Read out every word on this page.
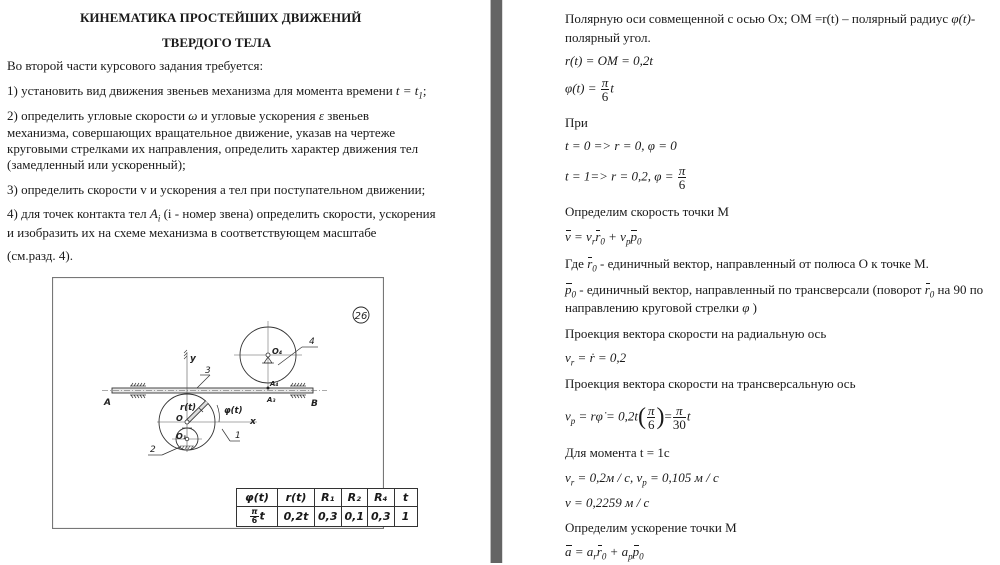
КИНЕМАТИКА ПРОСТЕЙШИХ ДВИЖЕНИЙ
ТВЕРДОГО ТЕЛА
Во второй части курсового задания требуется:
1) установить вид движения звеньев механизма для момента времени $t = t_1$;
2) определить угловые скорости ω и угловые ускорения ε звеньев
механизма, совершающих вращательное движение, указав на чертеже
круговыми стрелками их направления, определить характер движения тел
(замедленный или ускоренный);
3) определить скорости v и ускорения a тел при поступательном движении;
4) для точек контакта тел $A_i$ (i - номер звена) определить скорости, ускорения
и изобразить их на схеме механизма в соответствующем масштабе
(см.разд. 4).
26
A	B
3
y
O₄
4
A₄
A₃
x
φ(t)
r(t)
O
1
O₁
2
φ(t)	r(t)	R₁	R₂	R₄	t

$\frac{\pi}{6}$ t	0,2t	0,3	0,1	0,3	1
Полярную оси совмещенной с осью Ox; OM =r(t) – полярный радиус φ(t)-
полярный угол.
r(t) = OM = 0,2t
$\varphi(t) = \frac{\pi}{6}$ t
При
t = 0 => r = 0, φ = 0
t = 1=> r = 0,2, $\varphi = \frac{\pi}{6}$
Определим скорость точки М
$v = v_rr_0 + v_pp_0$
Где $r_0$ - единичный вектор, направленный от полюса О к точке М.
$p_0$ - единичный вектор, направленный по трансверсали (поворот $r_0$ на 90 по
направлению круговой стрелки φ )
Проекция вектора скорости на радиальную ось
$v_r$ = ṙ = 0,2
Проекция вектора скорости на трансверсальную ось
$v_p$ = rφ̇ = $0,2t( \frac{\pi}{6}$ )= $\frac{\pi}{30}$ t
Для момента t = 1c
$v_r = 0,2м / с$, $v_p = 0,105$ м / с
v = 0,2259 м / с
Определим ускорение точки М
$a = a_rr_0 + a_pp_0$
